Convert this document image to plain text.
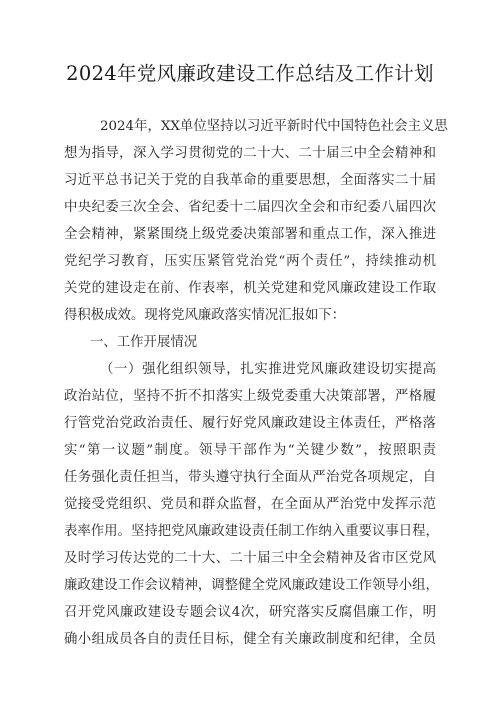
2024年党风廉政建设工作总结及工作计划
2024年，XX单位坚持以习近平新时代中国特色社会主义思
想为指导，深入学习贯彻党的二十大、二十届三中全会精神和
习近平总书记关于党的自我革命的重要思想，全面落实二十届
中央纪委三次全会、省纪委十二届四次全会和市纪委八届四次
全会精神，紧紧围绕上级党委决策部署和重点工作，深入推进
党纪学习教育，压实压紧管党治党“两个责任”，持续推动机
关党的建设走在前、作表率，机关党建和党风廉政建设工作取
得积极成效。现将党风廉政落实情况汇报如下：
一、工作开展情况
（一）强化组织领导，扎实推进党风廉政建设切实提高
政治站位，坚持不折不扣落实上级党委重大决策部署，严格履
行管党治党政治责任、履行好党风廉政建设主体责任，严格落
实“第一议题”制度。领导干部作为“关键少数”，按照职责
任务强化责任担当，带头遵守执行全面从严治党各项规定，自
觉接受党组织、党员和群众监督，在全面从严治党中发挥示范
表率作用。坚持把党风廉政建设责任制工作纳入重要议事日程，
及时学习传达党的二十大、二十届三中全会精神及省市区党风
廉政建设工作会议精神，调整健全党风廉政建设工作领导小组，
召开党风廉政建设专题会议4次，研究落实反腐倡廉工作，明
确小组成员各自的责任目标，健全有关廉政制度和纪律，全员
